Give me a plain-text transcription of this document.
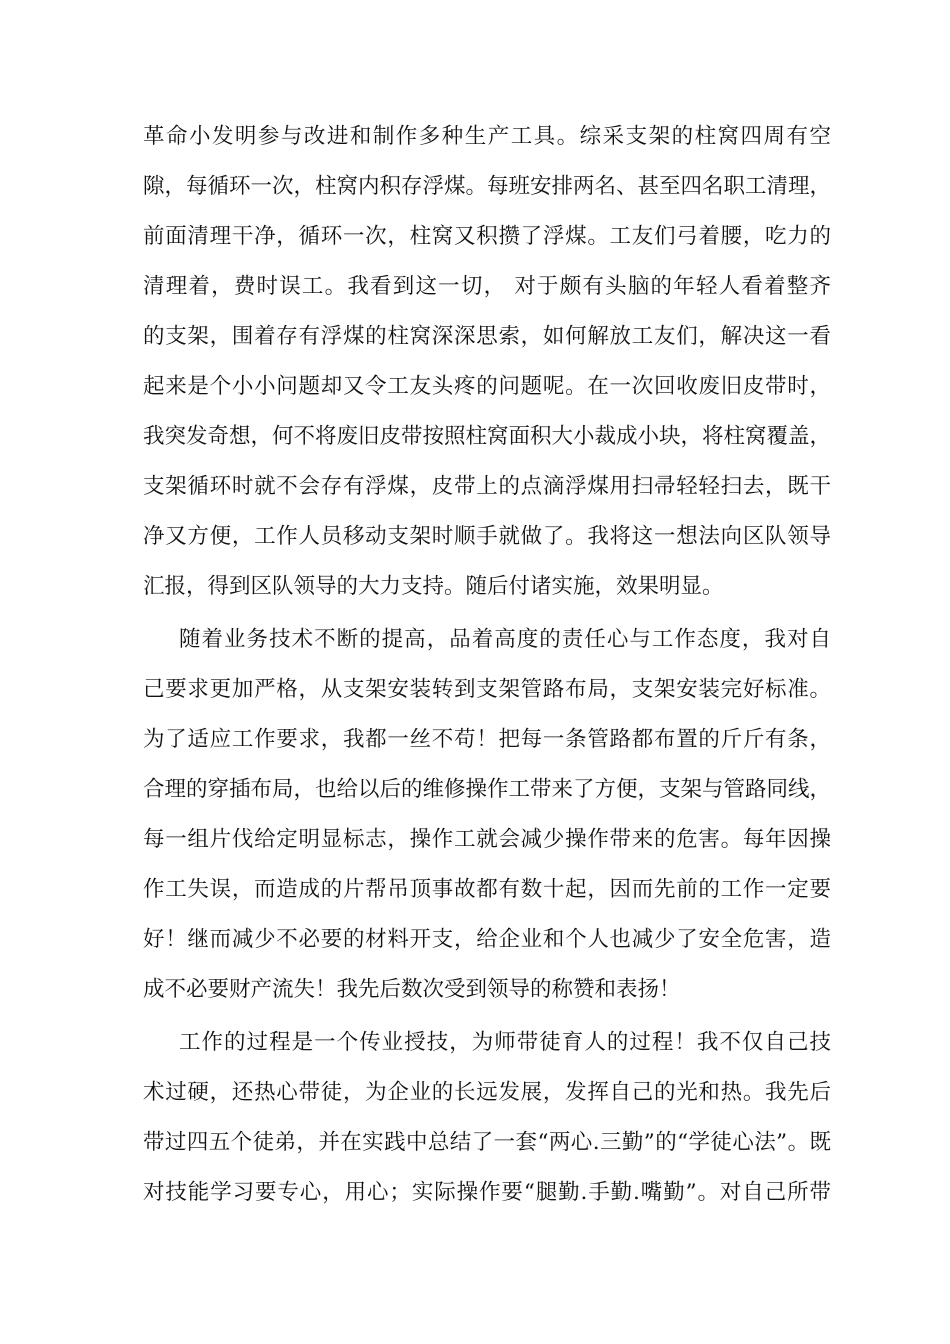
革命小发明参与改进和制作多种生产工具。综采支架的柱窝四周有空
隙，每循环一次，柱窝内积存浮煤。每班安排两名、甚至四名职工清理，
前面清理干净，循环一次，柱窝又积攒了浮煤。工友们弓着腰，吃力的
清理着，费时误工。我看到这一切， 对于颇有头脑的年轻人看着整齐
的支架，围着存有浮煤的柱窝深深思索，如何解放工友们，解决这一看
起来是个小小问题却又令工友头疼的问题呢。在一次回收废旧皮带时，
我突发奇想，何不将废旧皮带按照柱窝面积大小裁成小块，将柱窝覆盖，
支架循环时就不会存有浮煤，皮带上的点滴浮煤用扫帚轻轻扫去，既干
净又方便，工作人员移动支架时顺手就做了。我将这一想法向区队领导
汇报，得到区队领导的大力支持。随后付诸实施，效果明显。
随着业务技术不断的提高，品着高度的责任心与工作态度，我对自
己要求更加严格，从支架安装转到支架管路布局，支架安装完好标准。
为了适应工作要求，我都一丝不苟！把每一条管路都布置的斤斤有条，
合理的穿插布局，也给以后的维修操作工带来了方便，支架与管路同线，
每一组片伐给定明显标志，操作工就会减少操作带来的危害。每年因操
作工失误，而造成的片帮吊顶事故都有数十起，因而先前的工作一定要
好！继而减少不必要的材料开支，给企业和个人也减少了安全危害，造
成不必要财产流失！我先后数次受到领导的称赞和表扬！
工作的过程是一个传业授技，为师带徒育人的过程！我不仅自己技
术过硬，还热心带徒，为企业的长远发展，发挥自己的光和热。我先后
带过四五个徒弟，并在实践中总结了一套“两心.三勤”的“学徒心法”。既
对技能学习要专心，用心；实际操作要“腿勤.手勤.嘴勤”。对自己所带
